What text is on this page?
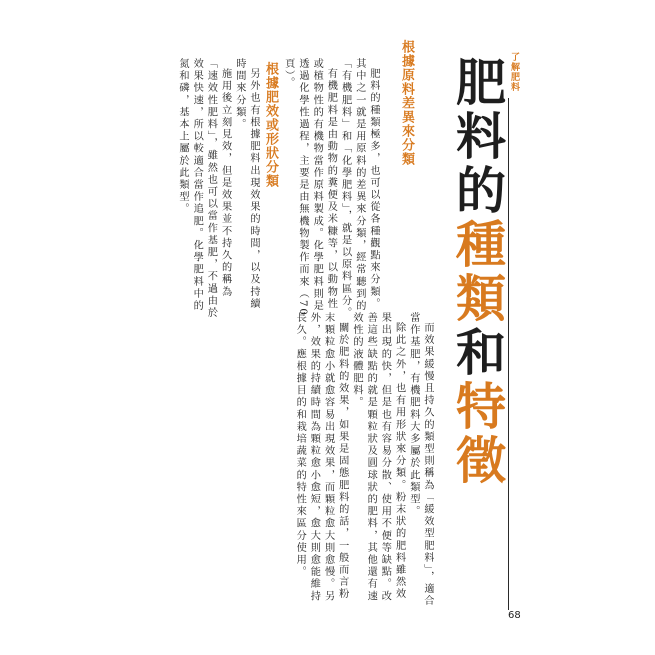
了解肥料
肥料的種類和特徵
根據原料差異來分類

肥料的種類極多，也可以從各種觀點來分類。其中之一就是用原料的差異來分類，經常聽到的「有機肥料」和「化學肥料」，就是以原料區分。

有機肥料是由動物的糞便及米糠等，以動物性或植物性的有機物當作原料製成。化學肥料則是透過化學性過程，主要是由無機物製作而來（70頁）。

根據肥效或形狀分類

另外也有根據肥料出現效果的時間，以及持續時間來分類。

施用後立刻見效，但是效果並不持久的稱為「速效性肥料」，雖然也可以當作基肥，不過由於效果快速，所以較適合當作追肥。化學肥料中的氮和磷，基本上屬於此類型。

而效果緩慢且持久的類型則稱為「緩效型肥料」，適合當作基肥，有機肥料大多屬於此類型。

除此之外，也有用形狀來分類。粉末狀的肥料雖然效果出現的快，但是也有容易分散、使用不便等缺點。改善這些缺點的就是顆粒狀及圓球狀的肥料，其他還有速效性的液體肥料。

關於肥料的效果，如果是固態肥料的話，一般而言粉末顆粒愈小就愈容易出現效果，而顆粒愈大則愈慢。另外，效果的持續時間為顆粒愈小愈短，愈大則愈能維持長久。應根據目的和栽培蔬菜的特性來區分使用。

68
